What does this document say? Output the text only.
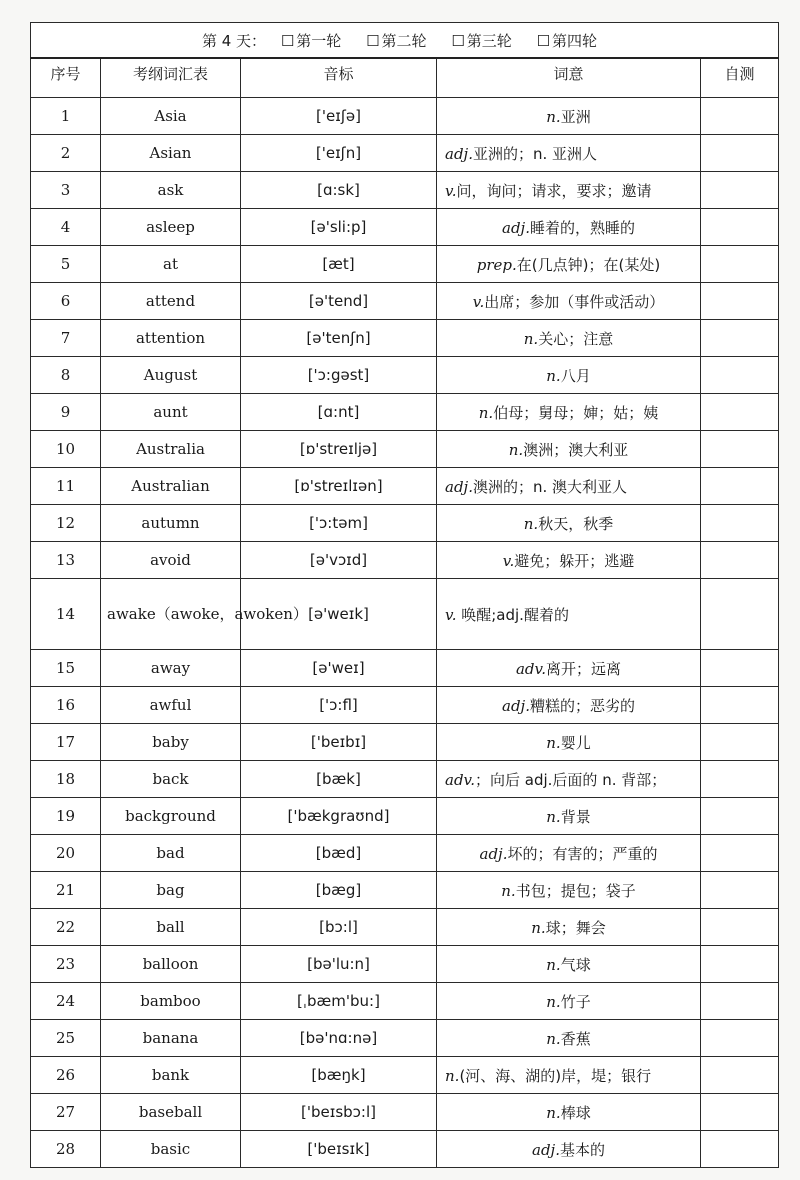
第 4 天： ☐ 第一轮 ☐ 第二轮 ☐ 第三轮 ☐ 第四轮				
序号	考纲词汇表	音标	词意	自测
1	Asia	['eɪʃə]	n.亚洲	
2	Asian	['eɪʃn]	adj.亚洲的；n. 亚洲人	
3	ask	[ɑ:sk]	v.问，询问；请求，要求；邀请	
4	asleep	[ə'sli:p]	adj.睡着的，熟睡的	
5	at	[æt]	prep.在(几点钟)；在(某处)	
6	attend	[ə'tend]	v.出席；参加（事件或活动）	
7	attention	[ə'tenʃn]	n.关心；注意	
8	August	['ɔ:gəst]	n.八月	
9	aunt	[ɑ:nt]	n.伯母；舅母；婶；姑；姨	
10	Australia	[ɒ'streɪljə]	n.澳洲；澳大利亚	
11	Australian	[ɒ'streɪlɪən]	adj.澳洲的；n. 澳大利亚人	
12	autumn	['ɔ:təm]	n.秋天，秋季	
13	avoid	[ə'vɔɪd]	v.避免；躲开；逃避	
14	awake（awoke，awoken）	[ə'weɪk]	v. 唤醒;adj.醒着的	
15	away	[ə'weɪ]	adv.离开；远离	
16	awful	['ɔ:fl]	adj.糟糕的；恶劣的	
17	baby	['beɪbɪ]	n.婴儿	
18	back	[bæk]	adv.；向后 adj.后面的 n. 背部；	
19	background	['bækgraʊnd]	n.背景	
20	bad	[bæd]	adj.坏的；有害的；严重的	
21	bag	[bæg]	n.书包；提包；袋子	
22	ball	[bɔ:l]	n.球；舞会	
23	balloon	[bə'lu:n]	n.气球	
24	bamboo	[ˌbæm'bu:]	n.竹子	
25	banana	[bə'nɑ:nə]	n.香蕉	
26	bank	[bæŋk]	n.(河、海、湖的)岸，堤；银行	
27	baseball	['beɪsbɔ:l]	n.棒球	
28	basic	['beɪsɪk]	adj.基本的	
